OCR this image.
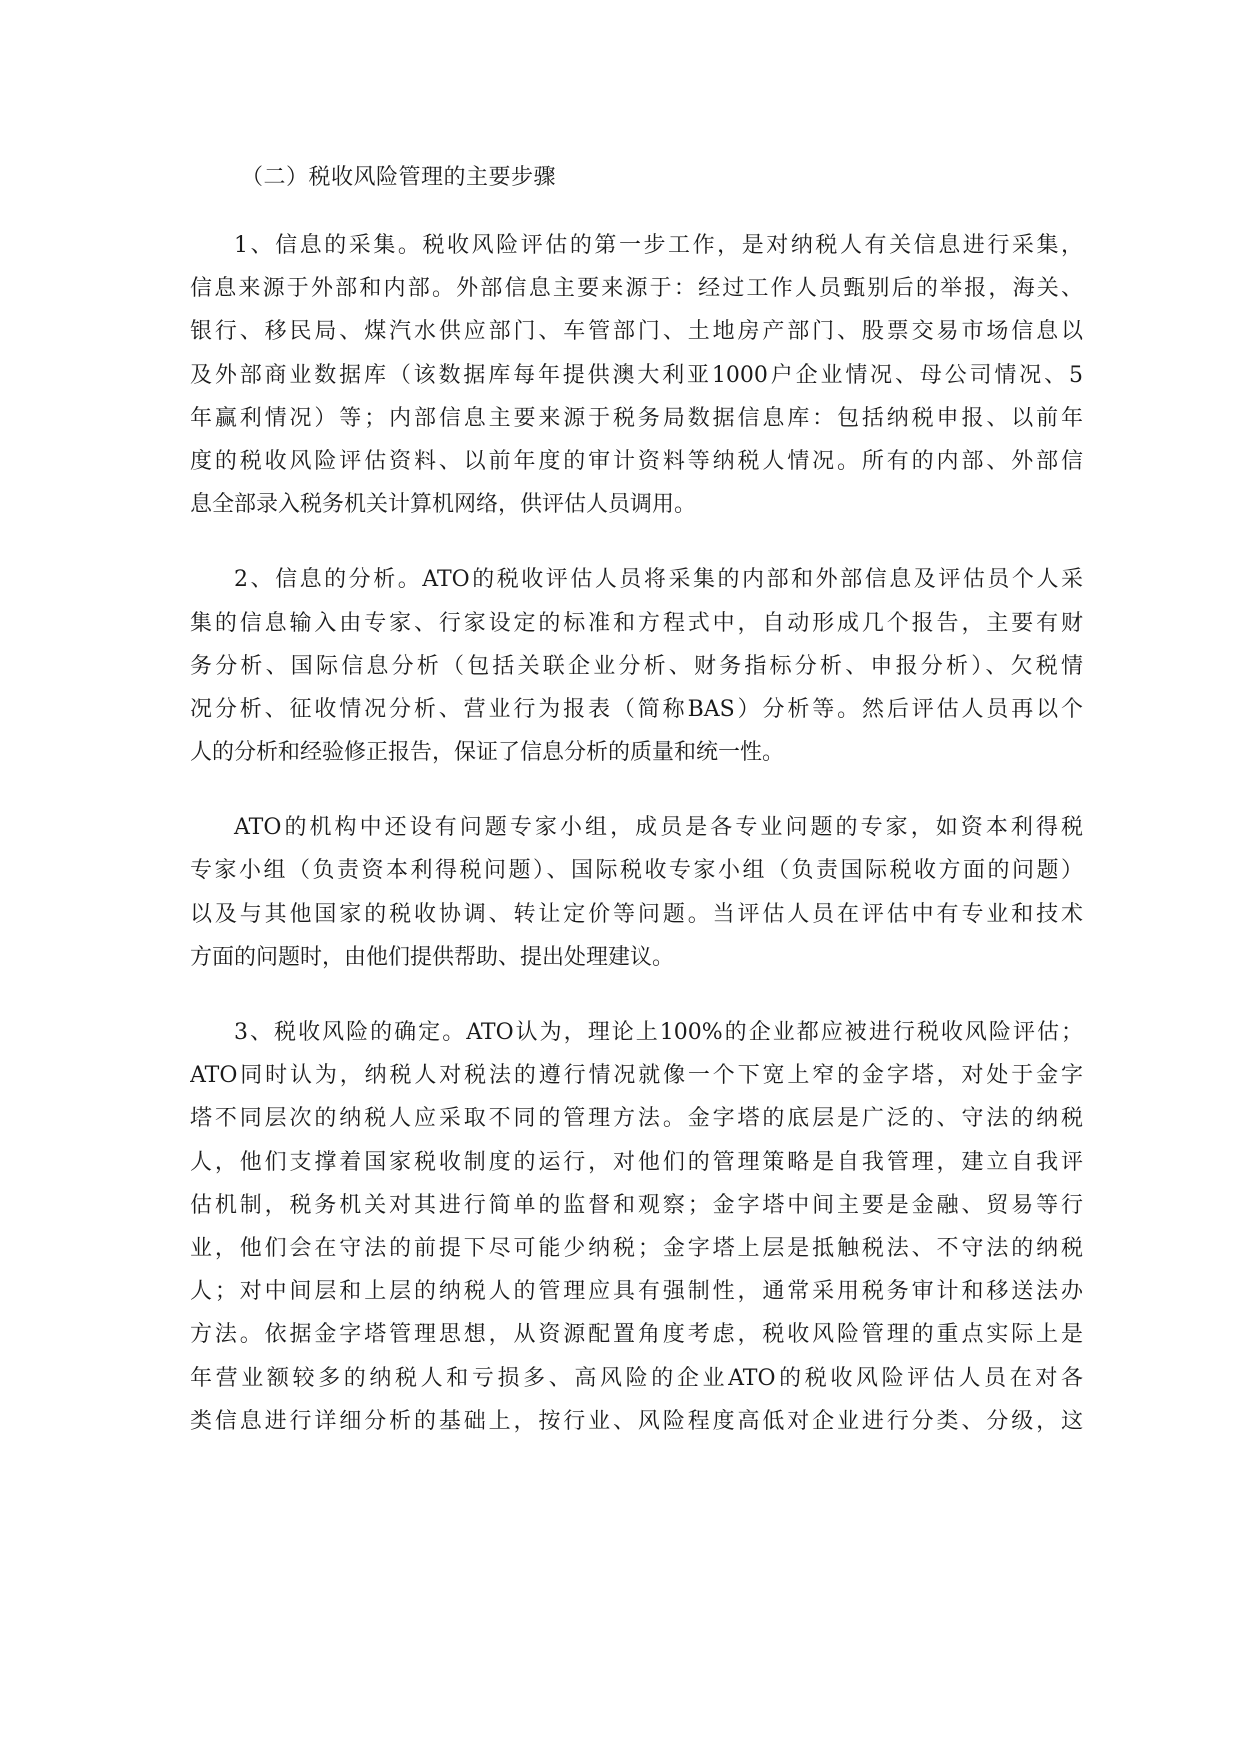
（二）税收风险管理的主要步骤
1、信息的采集。税收风险评估的第一步工作，是对纳税人有关信息进行采集，
信息来源于外部和内部。外部信息主要来源于：经过工作人员甄别后的举报，海关、
银行、移民局、煤汽水供应部门、车管部门、土地房产部门、股票交易市场信息以
及外部商业数据库（该数据库每年提供澳大利亚1000户企业情况、母公司情况、5
年赢利情况）等；内部信息主要来源于税务局数据信息库：包括纳税申报、以前年
度的税收风险评估资料、以前年度的审计资料等纳税人情况。所有的内部、外部信
息全部录入税务机关计算机网络，供评估人员调用。
2、信息的分析。ATO的税收评估人员将采集的内部和外部信息及评估员个人采
集的信息输入由专家、行家设定的标准和方程式中，自动形成几个报告，主要有财
务分析、国际信息分析（包括关联企业分析、财务指标分析、申报分析）、欠税情
况分析、征收情况分析、营业行为报表（简称BAS）分析等。然后评估人员再以个
人的分析和经验修正报告，保证了信息分析的质量和统一性。
ATO的机构中还设有问题专家小组，成员是各专业问题的专家，如资本利得税
专家小组（负责资本利得税问题）、国际税收专家小组（负责国际税收方面的问题）
以及与其他国家的税收协调、转让定价等问题。当评估人员在评估中有专业和技术
方面的问题时，由他们提供帮助、提出处理建议。
3、税收风险的确定。ATO认为，理论上100%的企业都应被进行税收风险评估；
ATO同时认为，纳税人对税法的遵行情况就像一个下宽上窄的金字塔，对处于金字
塔不同层次的纳税人应采取不同的管理方法。金字塔的底层是广泛的、守法的纳税
人，他们支撑着国家税收制度的运行，对他们的管理策略是自我管理，建立自我评
估机制，税务机关对其进行简单的监督和观察；金字塔中间主要是金融、贸易等行
业，他们会在守法的前提下尽可能少纳税；金字塔上层是抵触税法、不守法的纳税
人；对中间层和上层的纳税人的管理应具有强制性，通常采用税务审计和移送法办
方法。依据金字塔管理思想，从资源配置角度考虑，税收风险管理的重点实际上是
年营业额较多的纳税人和亏损多、高风险的企业ATO的税收风险评估人员在对各
类信息进行详细分析的基础上，按行业、风险程度高低对企业进行分类、分级，这
